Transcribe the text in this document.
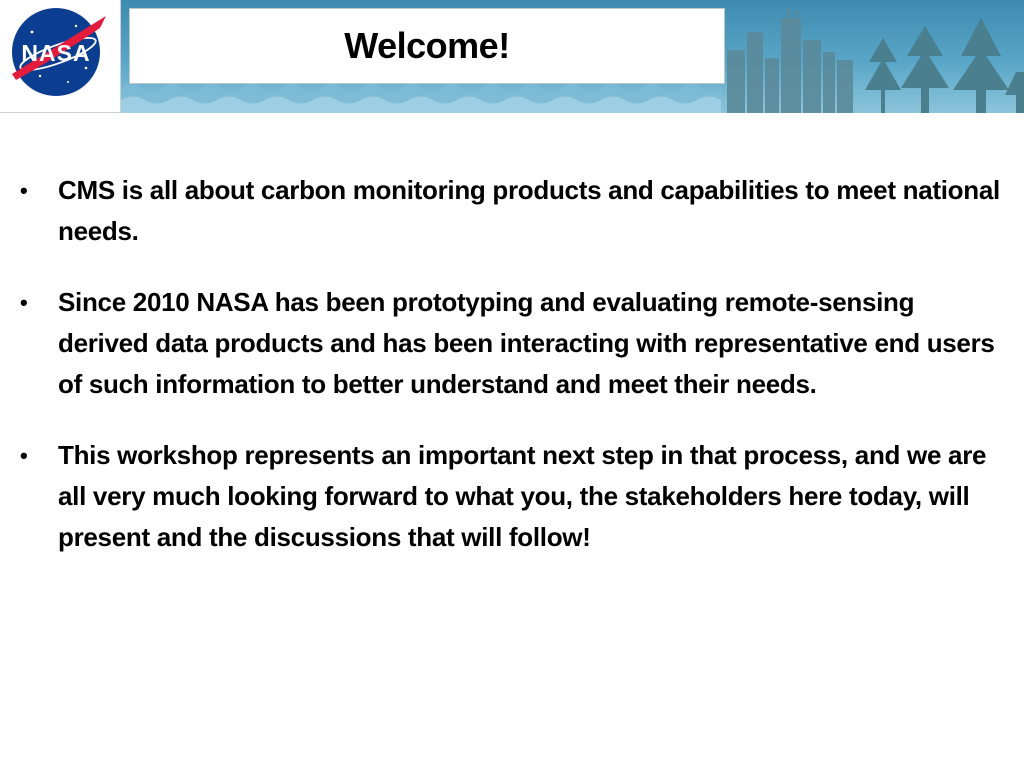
NASA	Welcome!
• CMS is all about carbon monitoring products and capabilities to meet national needs.
• Since 2010 NASA has been prototyping and evaluating remote-sensing derived data products and has been interacting with representative end users of such information to better understand and meet their needs.
• This workshop represents an important next step in that process, and we are all very much looking forward to what you, the stakeholders here today, will present and the discussions that will follow!
